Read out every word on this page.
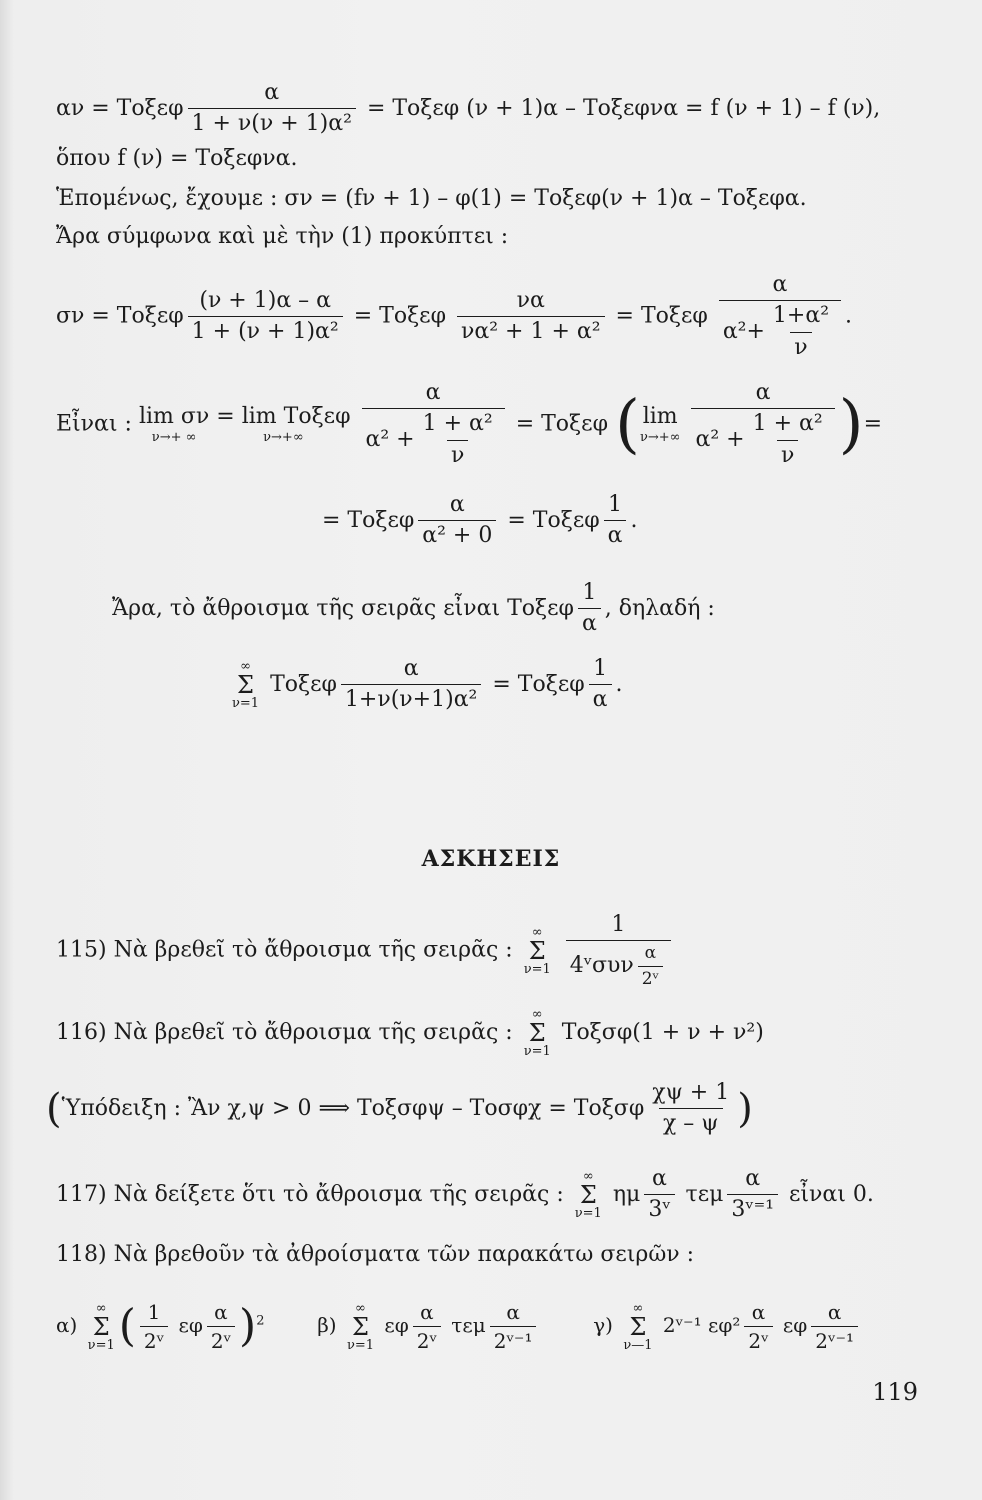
αν = Τοξεφ $\frac{\alpha}{\text{1 + ν(ν + 1)α²}} = To\xi\varepsilon\varphi$ (ν + 1)α – Τοξεφνα = f (ν + 1) – f (ν),
ὅπου f (ν) = Τοξεφνα.
Ἑπομένως, ἔχουμε : σν = (fν + 1) – φ(1) = Τοξεφ(ν + 1)α – Τοξεφα.
Ἄρα σύμφωνα καὶ μὲ τὴν (1) προκύπτει :
σν = Τοξεφ $\frac{(\nu + 1)\alpha - \alpha}{\text{1 + (ν + 1)α²}} = To\xi\varepsilon\varphi \frac{\nu\alpha}{\text{να² + 1 + α²}} = To\xi\varepsilon\varphi \frac{\alpha}{\alpha^2+ \frac{\text{1+α²}}{\nu}}$ .
Εἶναι : lim σν
ν→+ ∞

= lim Τοξεφ
ν→+∞
	$\frac{\alpha}{\alpha^2 + \frac{\text{1 + α²}}{\nu}} = To\xi\varepsilon\varphi$ ( lim
ν→+∞
$\frac{\alpha}{\alpha^2 + \frac{\text{1 + α²}}{\nu}}$ )=
= Τοξεφ $\frac{\alpha}{\text{α² + 0}} = To\xi\varepsilon\varphi \frac{1}{\alpha}$ .
Ἄρα, τὸ ἄθροισμα τῆς σειρᾶς εἶναι Τοξεφ $\frac{1}{\alpha}$ , δηλαδή :
∞
Σ
ν=1
Τοξεφ $\frac{\alpha}{\text{1+ν(ν+1)α²}} = To\xi\varepsilon\varphi \frac{1}{\alpha}$ .
ΑΣΚΗΣΕΙΣ
115) Νὰ βρεθεῖ τὸ ἄθροισμα τῆς σειρᾶς :
∞
Σ
ν=1
$\frac{1}{4ᵛ\sigma\upsilon\nu \frac{\alpha}{\text{2ᵛ}}}$
116) Νὰ βρεθεῖ τὸ ἄθροισμα τῆς σειρᾶς :
∞
Σ
ν=1
Τοξσφ(1 + ν + ν²)
(Ὑπόδειξη : Ἂν χ,ψ > 0 ⟹ Τοξσφψ – Τοσφχ = Τοξσφ $\frac{\chi\psi + 1}{\chi - \psi}$ )
117) Νὰ δείξετε ὅτι τὸ ἄθροισμα τῆς σειρᾶς :
∞
Σ
ν=1
ημ $\frac{\alpha}{\text{3ᵛ}}$ τεμ $\frac{\alpha}{\text{3ᵛ⁼¹}}$ εἶναι 0.
118) Νὰ βρεθοῦν τὰ ἀθροίσματα τῶν παρακάτω σειρῶν :
α)
∞
Σ
ν=1 ( $\frac{1}{\text{2ᵛ}}$ εφ $\frac{\alpha}{\text{2ᵛ}} )^2$	β)
∞
Σ
ν=1
εφ $\frac{\alpha}{\text{2ᵛ}}$ τεμ $\frac{\alpha}{\text{2ᵛ⁻¹}}$	γ)
∞
Σ
ν—1
2ᵛ⁻¹ $\varepsilon\varphi^2 \frac{\alpha}{\text{2ᵛ}}$ εφ $\frac{\alpha}{\text{2ᵛ⁻¹}}$
119
